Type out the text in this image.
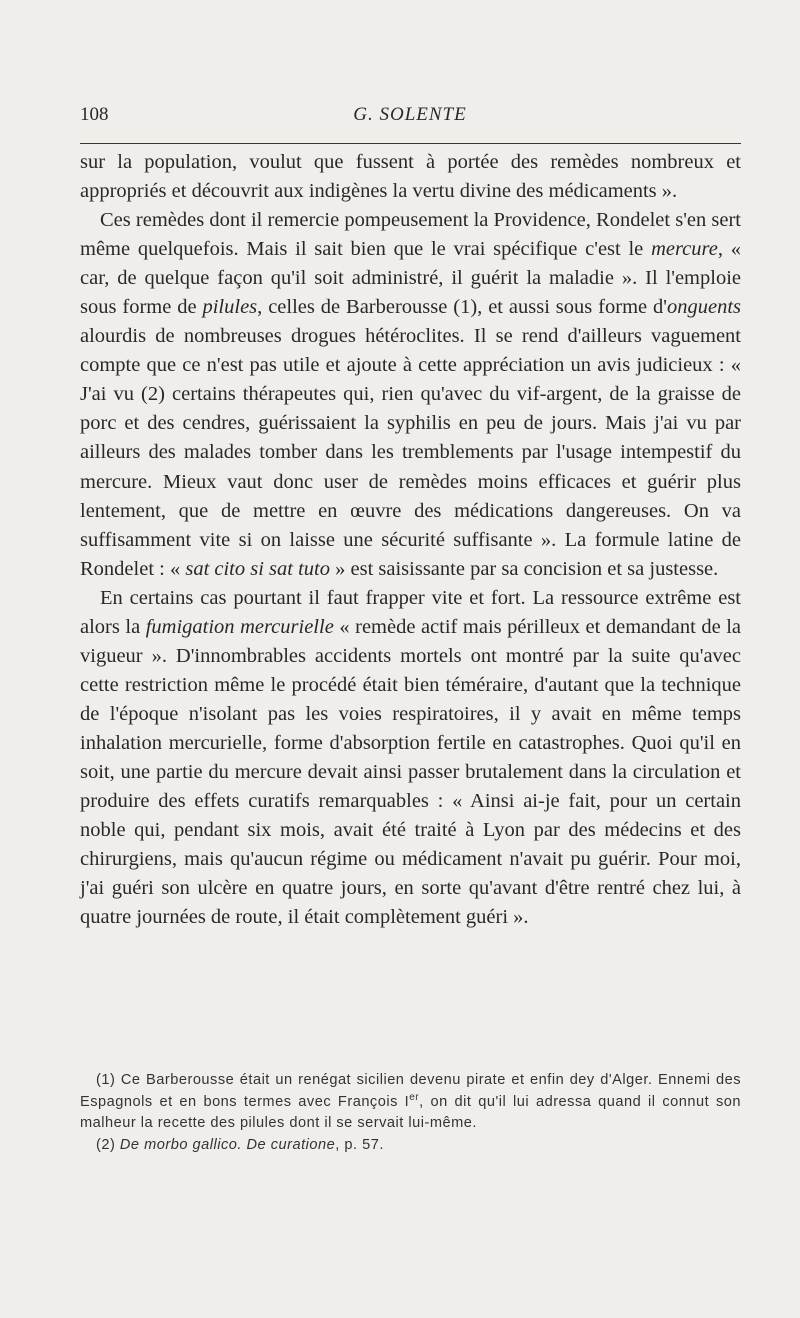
108	G. SOLENTE

sur la population, voulut que fussent à portée des remèdes nombreux et appropriés et découvrit aux indigènes la vertu divine des médicaments ».

Ces remèdes dont il remercie pompeusement la Providence, Rondelet s'en sert même quelquefois. Mais il sait bien que le vrai spécifique c'est le mercure, « car, de quelque façon qu'il soit administré, il guérit la maladie ». Il l'emploie sous forme de pilules, celles de Barberousse (1), et aussi sous forme d'onguents alourdis de nombreuses drogues hétéroclites. Il se rend d'ailleurs vaguement compte que ce n'est pas utile et ajoute à cette appréciation un avis judicieux : « J'ai vu (2) certains thérapeutes qui, rien qu'avec du vif-argent, de la graisse de porc et des cendres, guérissaient la syphilis en peu de jours. Mais j'ai vu par ailleurs des malades tomber dans les tremblements par l'usage intempestif du mercure. Mieux vaut donc user de remèdes moins efficaces et guérir plus lentement, que de mettre en œuvre des médications dangereuses. On va suffisamment vite si on laisse une sécurité suffisante ». La formule latine de Rondelet : « sat cito si sat tuto » est saisissante par sa concision et sa justesse.

En certains cas pourtant il faut frapper vite et fort. La ressource extrême est alors la fumigation mercurielle « remède actif mais périlleux et demandant de la vigueur ». D'innombrables accidents mortels ont montré par la suite qu'avec cette restriction même le procédé était bien téméraire, d'autant que la technique de l'époque n'isolant pas les voies respiratoires, il y avait en même temps inhalation mercurielle, forme d'absorption fertile en catastrophes. Quoi qu'il en soit, une partie du mercure devait ainsi passer brutalement dans la circulation et produire des effets curatifs remarquables : « Ainsi ai-je fait, pour un certain noble qui, pendant six mois, avait été traité à Lyon par des médecins et des chirurgiens, mais qu'aucun régime ou médicament n'avait pu guérir. Pour moi, j'ai guéri son ulcère en quatre jours, en sorte qu'avant d'être rentré chez lui, à quatre journées de route, il était complètement guéri ».

(1) Ce Barberousse était un renégat sicilien devenu pirate et enfin dey d'Alger. Ennemi des Espagnols et en bons termes avec François Ier, on dit qu'il lui adressa quand il connut son malheur la recette des pilules dont il se servait lui-même.

(2) De morbo gallico. De curatione, p. 57.
